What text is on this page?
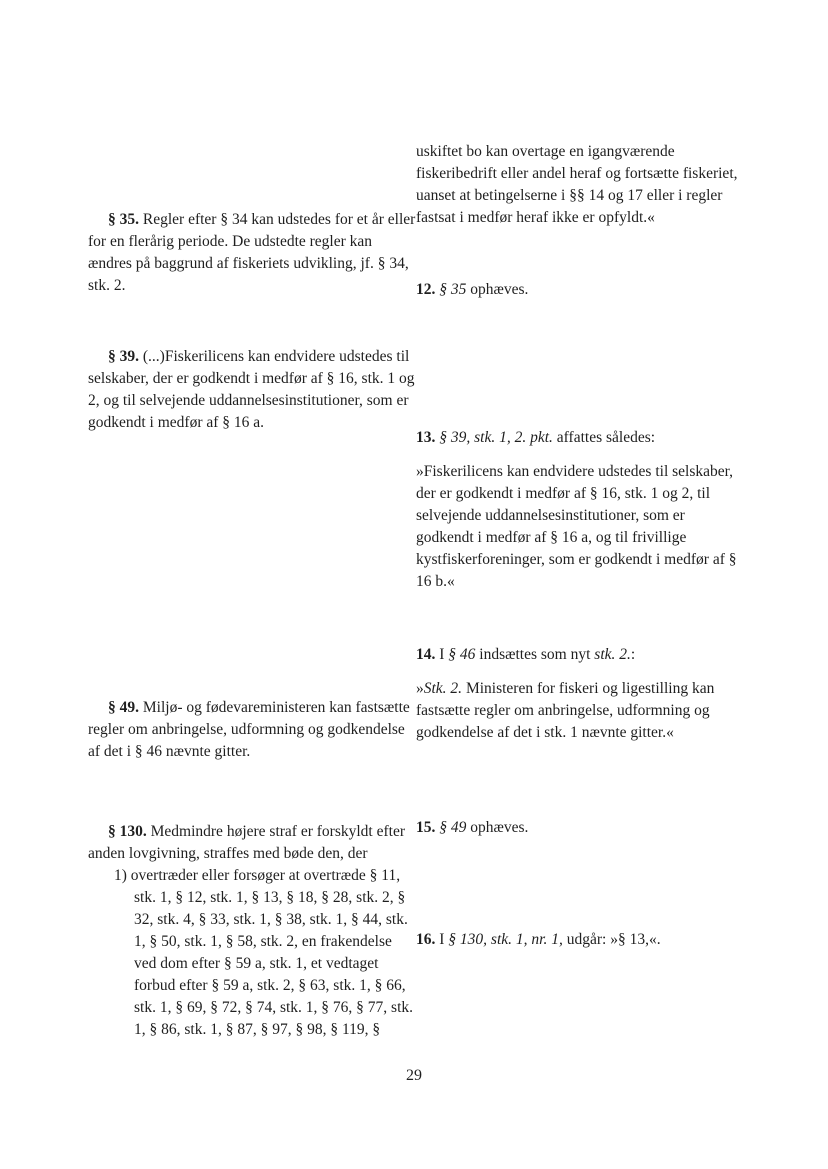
§ 35. Regler efter § 34 kan udstedes for et år eller for en flerårig periode. De udstedte regler kan ændres på baggrund af fiskeriets udvikling, jf. § 34, stk. 2.

§ 39. (...)Fiskerilicens kan endvidere udstedes til selskaber, der er godkendt i medfør af § 16, stk. 1 og 2, og til selvejende uddannelsesinstitutioner, som er godkendt i medfør af § 16 a.

§ 49. Miljø- og fødevareministeren kan fastsætte regler om anbringelse, udformning og godkendelse af det i § 46 nævnte gitter.

§ 130. Medmindre højere straf er forskyldt efter anden lovgivning, straffes med bøde den, der

1) overtræder eller forsøger at overtræde § 11, stk. 1, § 12, stk. 1, § 13, § 18, § 28, stk. 2, § 32, stk. 4, § 33, stk. 1, § 38, stk. 1, § 44, stk. 1, § 50, stk. 1, § 58, stk. 2, en frakendelse ved dom efter § 59 a, stk. 1, et vedtaget forbud efter § 59 a, stk. 2, § 63, stk. 1, § 66, stk. 1, § 69, § 72, § 74, stk. 1, § 76, § 77, stk. 1, § 86, stk. 1, § 87, § 97, § 98, § 119, §

uskiftet bo kan overtage en igangværende fiskeribedrift eller andel heraf og fortsætte fiskeriet, uanset at betingelserne i §§ 14 og 17 eller i regler fastsat i medfør heraf ikke er opfyldt.«

12. § 35 ophæves.

13. § 39, stk. 1, 2. pkt. affattes således:

»Fiskerilicens kan endvidere udstedes til selskaber, der er godkendt i medfør af § 16, stk. 1 og 2, til selvejende uddannelsesinstitutioner, som er godkendt i medfør af § 16 a, og til frivillige kystfiskerforeninger, som er godkendt i medfør af § 16 b.«

14. I § 46 indsættes som nyt stk. 2.:

»Stk. 2. Ministeren for fiskeri og ligestilling kan fastsætte regler om anbringelse, udformning og godkendelse af det i stk. 1 nævnte gitter.«

15. § 49 ophæves.

16. I § 130, stk. 1, nr. 1, udgår: »§ 13,«.

29
